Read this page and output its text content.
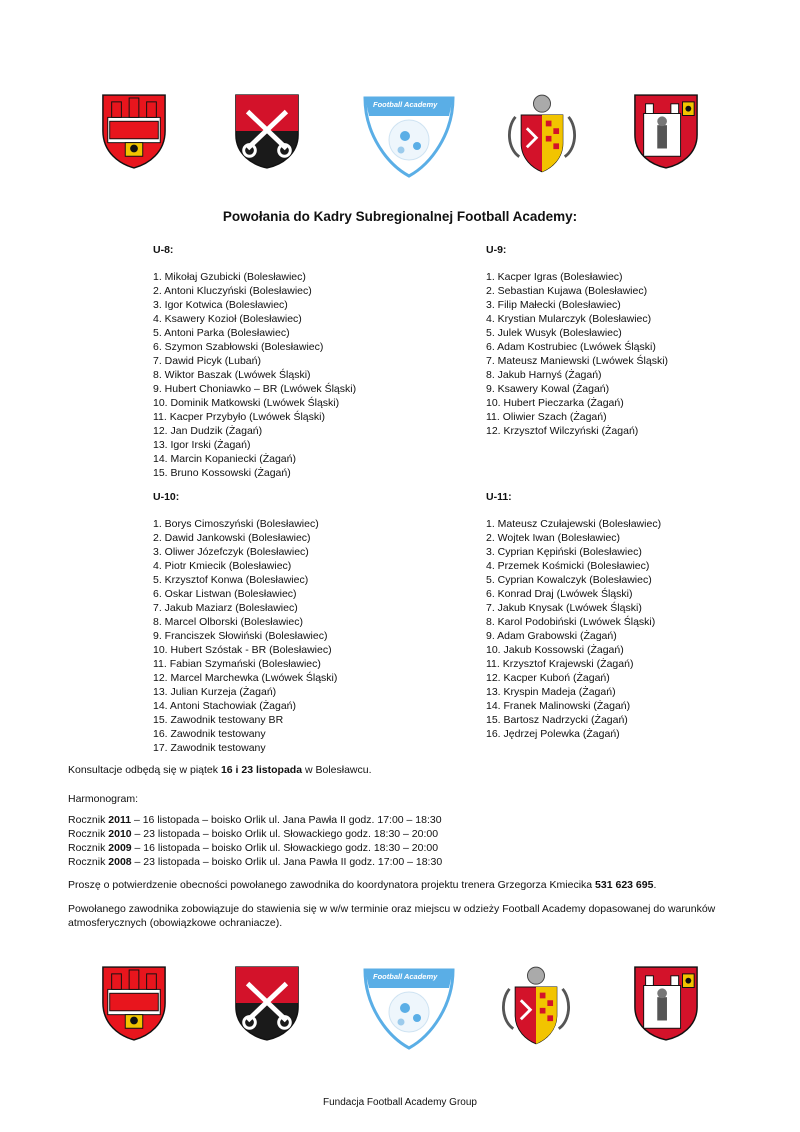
Football Academy
Powołania do Kadry Subregionalnej Football Academy:
U-8:
1. Mikołaj Gzubicki (Bolesławiec)
2. Antoni Kluczyński (Bolesławiec)
3. Igor Kotwica (Bolesławiec)
4. Ksawery Kozioł (Bolesławiec)
5. Antoni Parka (Bolesławiec)
6. Szymon Szabłowski (Bolesławiec)
7. Dawid Picyk (Lubań)
8. Wiktor Baszak (Lwówek Śląski)
9. Hubert Choniawko – BR (Lwówek Śląski)
10. Dominik Matkowski (Lwówek Śląski)
11. Kacper Przybyło (Lwówek Śląski)
12. Jan Dudzik (Żagań)
13. Igor Irski (Żagań)
14. Marcin Kopaniecki (Żagań)
15. Bruno Kossowski (Żagań)
U-9:
1. Kacper Igras (Bolesławiec)
2. Sebastian Kujawa (Bolesławiec)
3. Filip Małecki (Bolesławiec)
4. Krystian Mularczyk (Bolesławiec)
5. Julek Wusyk (Bolesławiec)
6. Adam Kostrubiec (Lwówek Śląski)
7. Mateusz Maniewski (Lwówek Śląski)
8. Jakub Harnyś (Żagań)
9. Ksawery Kowal (Żagań)
10. Hubert Pieczarka (Żagań)
11. Oliwier Szach (Żagań)
12. Krzysztof Wilczyński (Żagań)
U-10:
1. Borys Cimoszyński (Bolesławiec)
2. Dawid Jankowski (Bolesławiec)
3. Oliwer Józefczyk (Bolesławiec)
4. Piotr Kmiecik (Bolesławiec)
5. Krzysztof Konwa (Bolesławiec)
6. Oskar Listwan (Bolesławiec)
7. Jakub Maziarz (Bolesławiec)
8. Marcel Olborski (Bolesławiec)
9. Franciszek Słowiński (Bolesławiec)
10. Hubert Szóstak - BR (Bolesławiec)
11. Fabian Szymański (Bolesławiec)
12. Marcel Marchewka (Lwówek Śląski)
13. Julian Kurzeja (Żagań)
14. Antoni Stachowiak (Żagań)
15. Zawodnik testowany BR
16. Zawodnik testowany
17. Zawodnik testowany
U-11:
1. Mateusz Czułajewski (Bolesławiec)
2. Wojtek Iwan (Bolesławiec)
3. Cyprian Kępiński (Bolesławiec)
4. Przemek Kośmicki (Bolesławiec)
5. Cyprian Kowalczyk (Bolesławiec)
6. Konrad Draj (Lwówek Śląski)
7. Jakub Knysak (Lwówek Śląski)
8. Karol Podobiński (Lwówek Śląski)
9. Adam Grabowski (Żagań)
10. Jakub Kossowski (Żagań)
11. Krzysztof Krajewski (Żagań)
12. Kacper Kuboń (Żagań)
13. Kryspin Madeja (Żagań)
14. Franek Malinowski (Żagań)
15. Bartosz Nadrzycki (Żagań)
16. Jędrzej Polewka (Żagań)
Konsultacje odbędą się w piątek 16 i 23 listopada w Bolesławcu.
Harmonogram:
Rocznik 2011 – 16 listopada – boisko Orlik ul. Jana Pawła II godz. 17:00 – 18:30
Rocznik 2010 – 23 listopada – boisko Orlik ul. Słowackiego godz. 18:30 – 20:00
Rocznik 2009 – 16 listopada – boisko Orlik ul. Słowackiego godz. 18:30 – 20:00
Rocznik 2008 – 23 listopada – boisko Orlik ul. Jana Pawła II godz. 17:00 – 18:30
Proszę o potwierdzenie obecności powołanego zawodnika do koordynatora projektu trenera Grzegorza Kmiecika 531 623 695.
Powołanego zawodnika zobowiązuje do stawienia się w w/w terminie oraz miejscu w odzieży Football Academy dopasowanej do warunków atmosferycznych (obowiązkowe ochraniacze).
Football Academy
Fundacja Football Academy Group
